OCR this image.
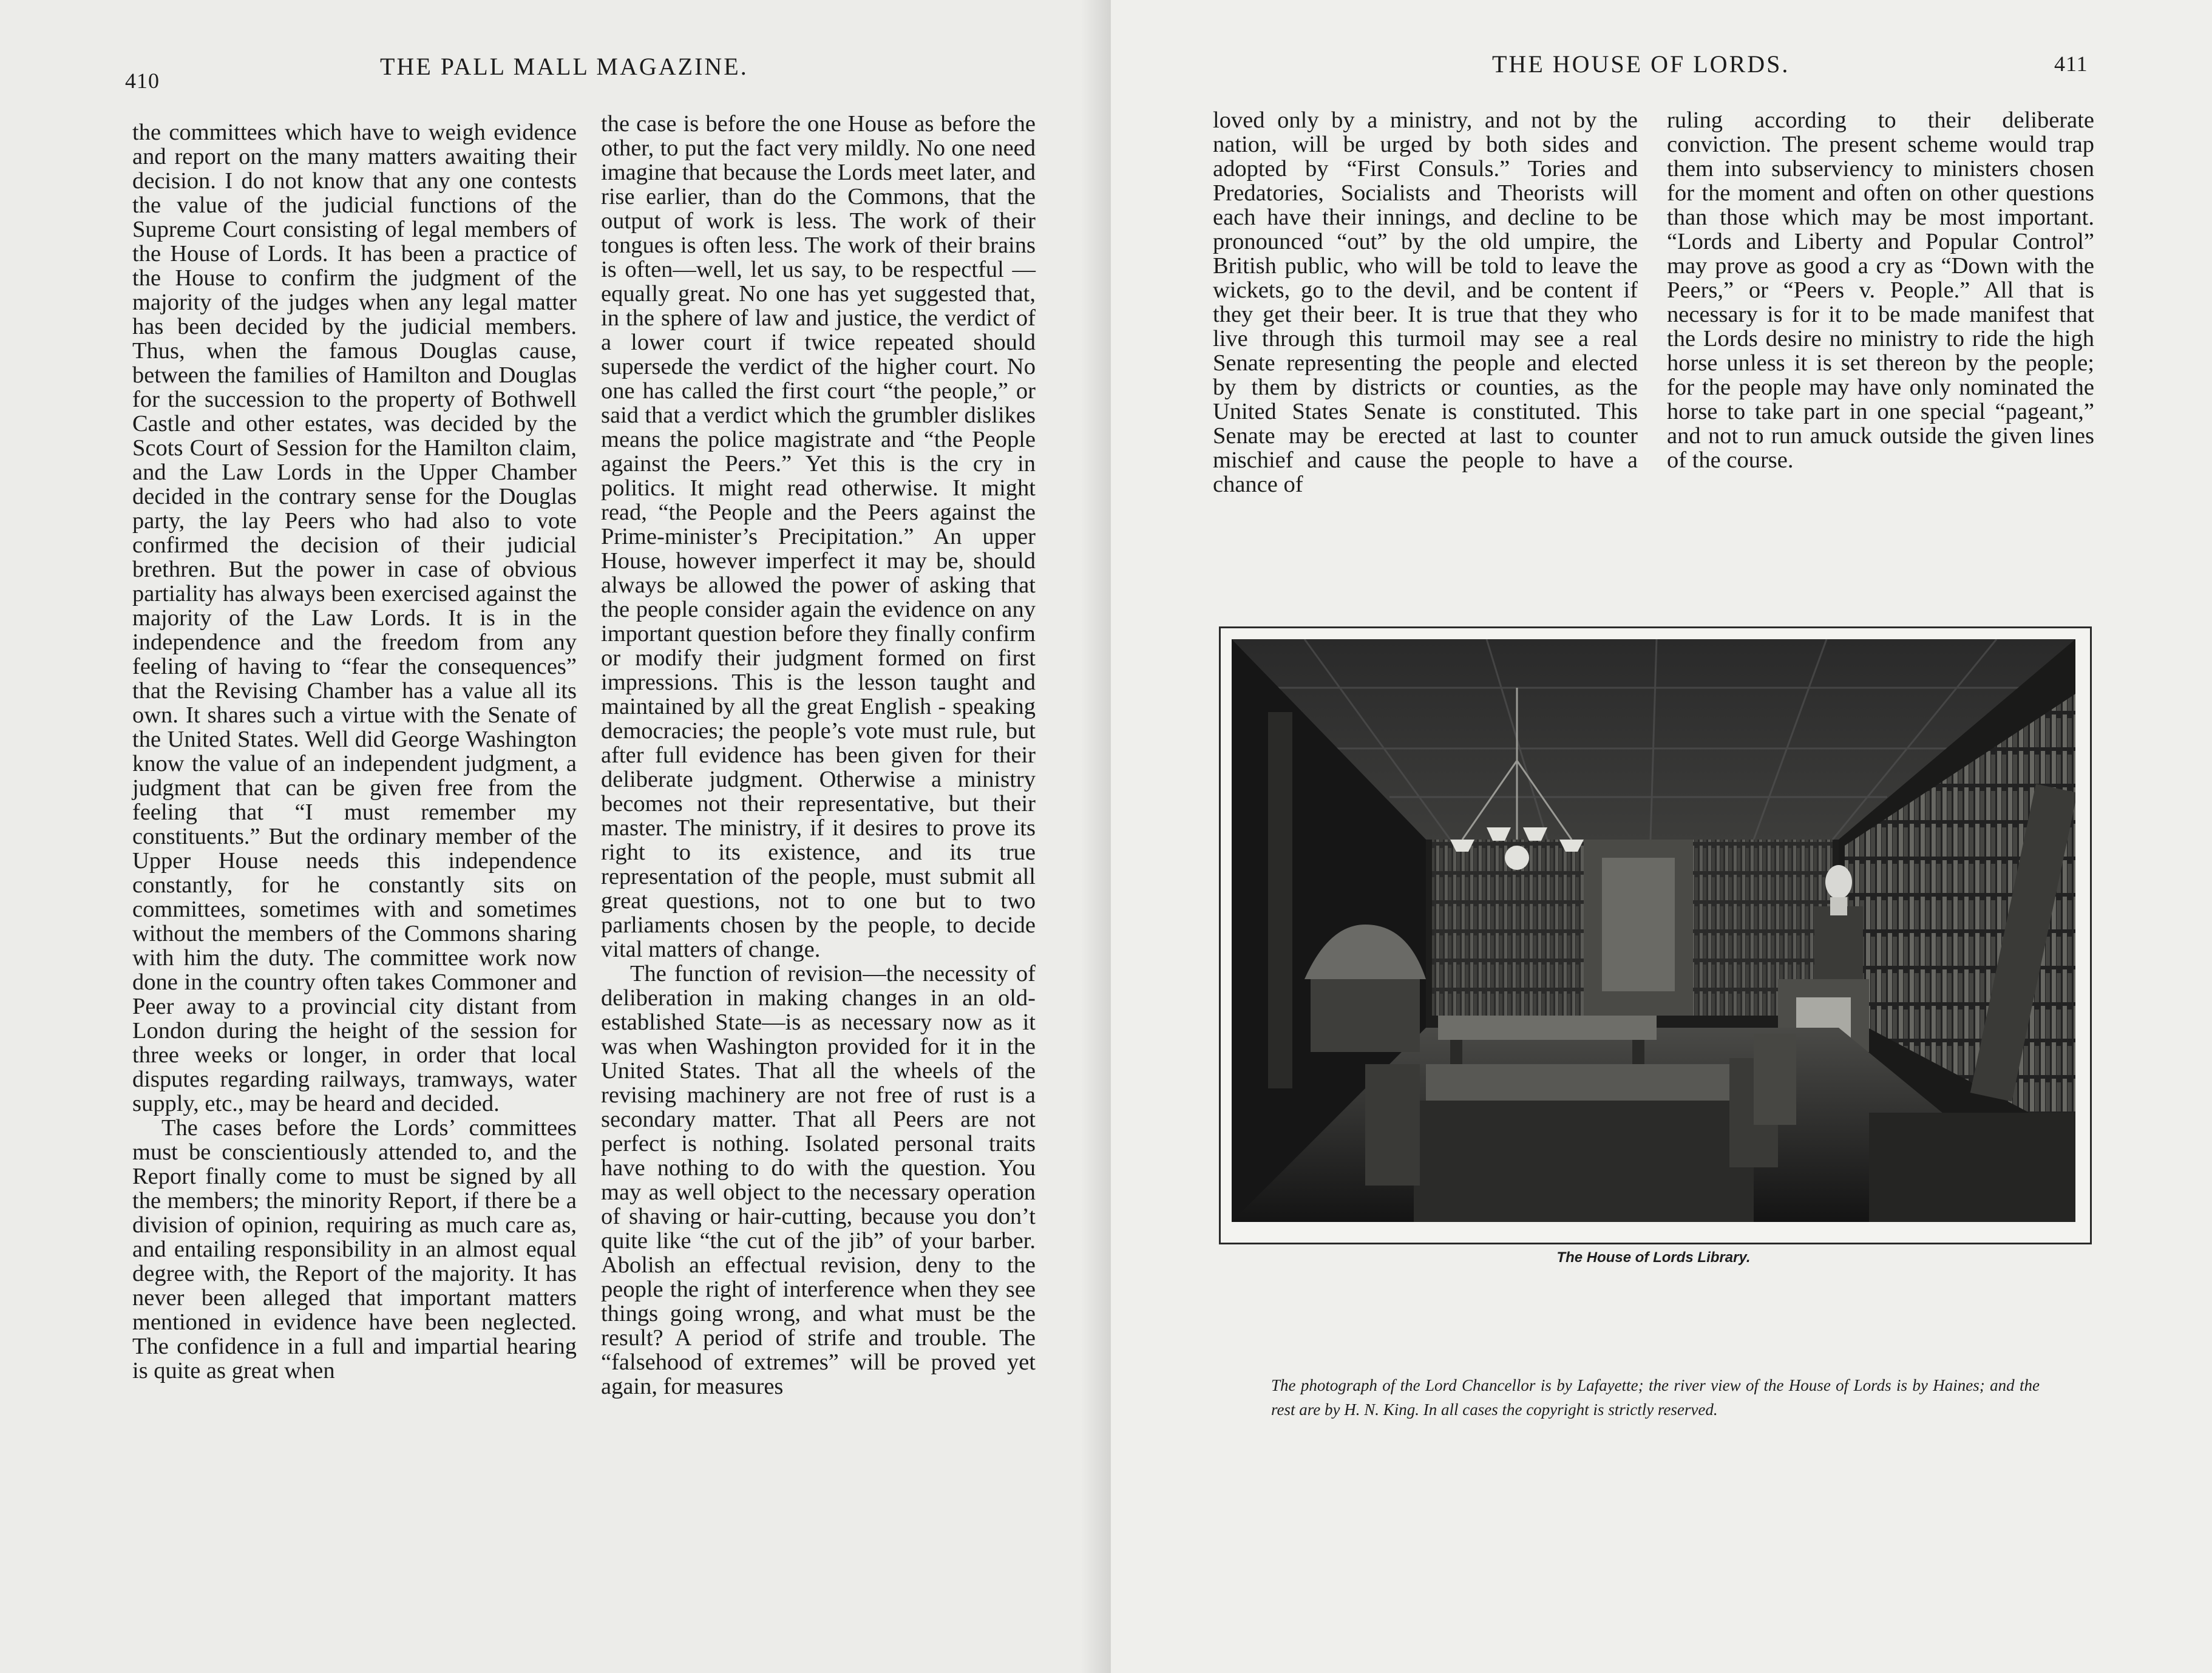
410
THE PALL MALL MAGAZINE.

the committees which have to weigh evidence and report on the many matters awaiting their decision. I do not know that any one contests the value of the judicial functions of the Supreme Court consisting of legal members of the House of Lords. It has been a practice of the House to confirm the judgment of the majority of the judges when any legal matter has been decided by the judicial members. Thus, when the famous Douglas cause, between the families of Hamilton and Douglas for the succession to the property of Bothwell Castle and other estates, was decided by the Scots Court of Session for the Hamilton claim, and the Law Lords in the Upper Chamber decided in the contrary sense for the Douglas party, the lay Peers who had also to vote confirmed the decision of their judicial brethren. But the power in case of obvious partiality has always been exercised against the majority of the Law Lords. It is in the independence and the freedom from any feeling of having to “fear the consequences” that the Revising Chamber has a value all its own. It shares such a virtue with the Senate of the United States. Well did George Washington know the value of an independent judgment, a judgment that can be given free from the feeling that “I must remember my constituents.” But the ordinary member of the Upper House needs this independence constantly, for he constantly sits on committees, sometimes with and sometimes without the members of the Commons sharing with him the duty. The committee work now done in the country often takes Commoner and Peer away to a provincial city distant from London during the height of the session for three weeks or longer, in order that local disputes regarding railways, tramways, water supply, etc., may be heard and decided.

The cases before the Lords’ committees must be conscientiously attended to, and the Report finally come to must be signed by all the members; the minority Report, if there be a division of opinion, requiring as much care as, and entailing responsibility in an almost equal degree with, the Report of the majority. It has never been alleged that important matters mentioned in evidence have been neglected. The confidence in a full and impartial hearing is quite as great when

the case is before the one House as before the other, to put the fact very mildly. No one need imagine that because the Lords meet later, and rise earlier, than do the Commons, that the output of work is less. The work of their tongues is often less. The work of their brains is often—well, let us say, to be respectful — equally great. No one has yet suggested that, in the sphere of law and justice, the verdict of a lower court if twice repeated should supersede the verdict of the higher court. No one has called the first court “the people,” or said that a verdict which the grumbler dislikes means the police magistrate and “the People against the Peers.” Yet this is the cry in politics. It might read otherwise. It might read, “the People and the Peers against the Prime-minister’s Precipitation.” An upper House, however imperfect it may be, should always be allowed the power of asking that the people consider again the evidence on any important question before they finally confirm or modify their judgment formed on first impressions. This is the lesson taught and maintained by all the great English - speaking democracies; the people’s vote must rule, but after full evidence has been given for their deliberate judgment. Otherwise a ministry becomes not their representative, but their master. The ministry, if it desires to prove its right to its existence, and its true representation of the people, must submit all great questions, not to one but to two parliaments chosen by the people, to decide vital matters of change.

The function of revision—the necessity of deliberation in making changes in an old-established State—is as necessary now as it was when Washington provided for it in the United States. That all the wheels of the revising machinery are not free of rust is a secondary matter. That all Peers are not perfect is nothing. Isolated personal traits have nothing to do with the question. You may as well object to the necessary operation of shaving or hair-cutting, because you don’t quite like “the cut of the jib” of your barber. Abolish an effectual revision, deny to the people the right of interference when they see things going wrong, and what must be the result? A period of strife and trouble. The “falsehood of extremes” will be proved yet again, for measures

THE HOUSE OF LORDS.	411

loved only by a ministry, and not by the nation, will be urged by both sides and adopted by “First Consuls.” Tories and Predatories, Socialists and Theorists will each have their innings, and decline to be pronounced “out” by the old umpire, the British public, who will be told to leave the wickets, go to the devil, and be content if they get their beer. It is true that they who live through this turmoil may see a real Senate representing the people and elected by them by districts or counties, as the United States Senate is constituted. This Senate may be erected at last to counter mischief and cause the people to have a chance of

ruling according to their deliberate conviction. The present scheme would trap them into subserviency to ministers chosen for the moment and often on other questions than those which may be most important. “Lords and Liberty and Popular Control” may prove as good a cry as “Down with the Peers,” or “Peers v. People.” All that is necessary is for it to be made manifest that the Lords desire no ministry to ride the high horse unless it is set thereon by the people; for the people may have only nominated the horse to take part in one special “pageant,” and not to run amuck outside the given lines of the course.

The House of Lords Library.
The photograph of the Lord Chancellor is by Lafayette; the river view of the House of Lords is by Haines; and the rest are by H. N. King. In all cases the copyright is strictly reserved.
